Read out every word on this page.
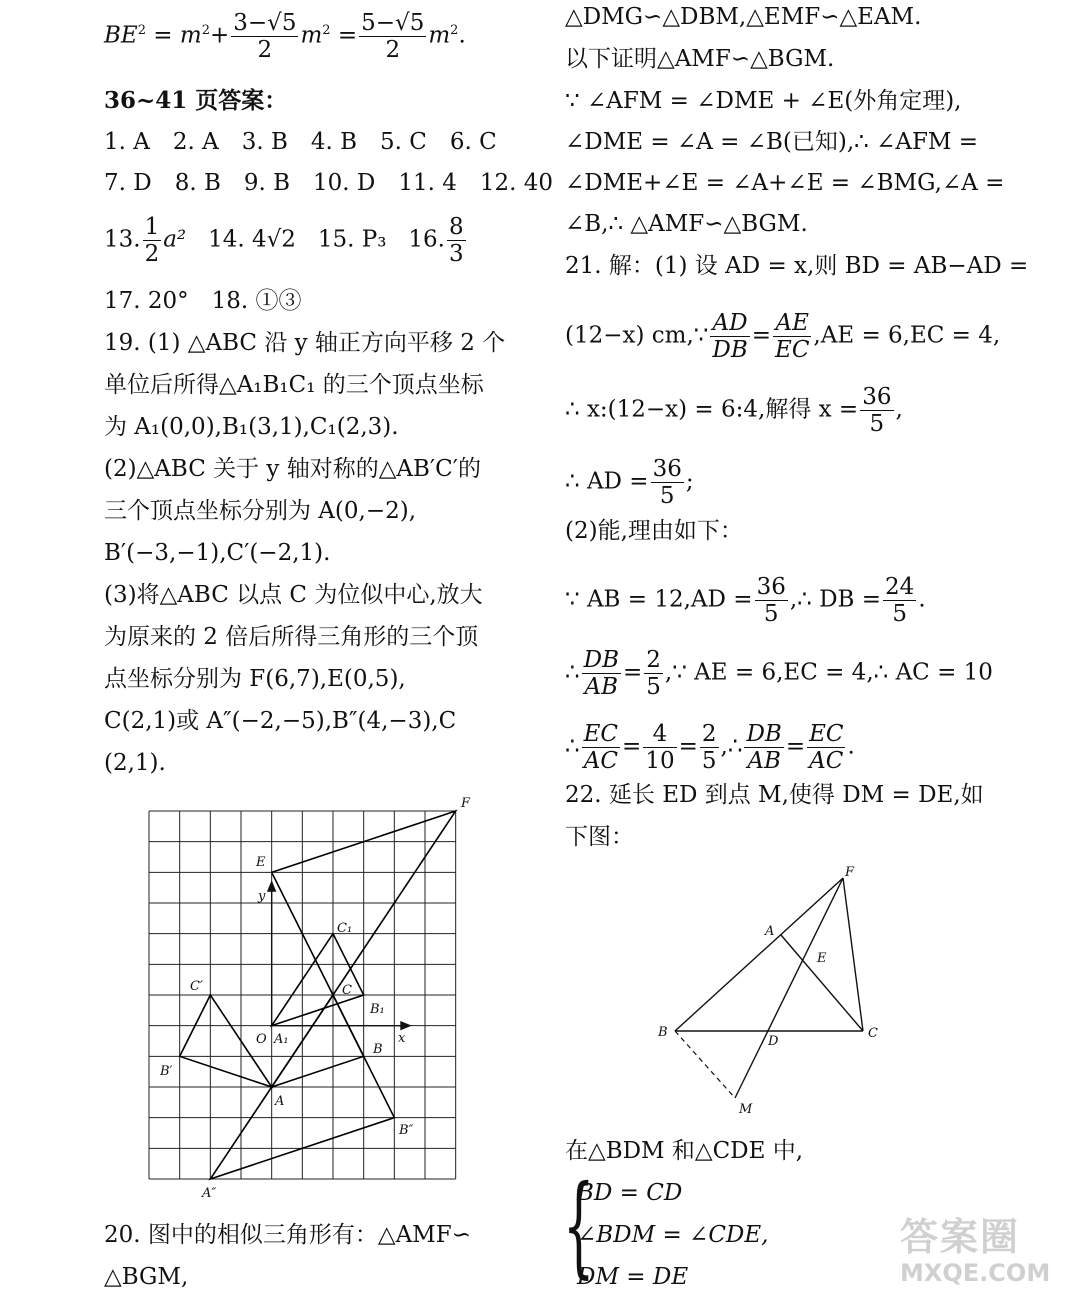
$BE^2 = m^2+ \frac{3-√5}{2} m^2 = \frac{5-√5}{2} m^2$.
36~41 页答案：
1. A　2. A　3. B　4. B　5. C　6. C
7. D　8. B　9. B　10. D　11. 4　12. 40
13. $\frac{1}{2} a^2$ 14. 4√2 15. P₃ 16. $\frac{8}{3}$
17. 20°　18. ①③
19. (1) △ABC 沿 y 轴正方向平移 2 个
单位后所得△A₁B₁C₁ 的三个顶点坐标
为 A₁(0,0),B₁(3,1),C₁(2,3).
(2)△ABC 关于 y 轴对称的△AB′C′的
三个顶点坐标分别为 A(0,−2),
B′(−3,−1),C′(−2,1).
(3)将△ABC 以点 C 为位似中心,放大
为原来的 2 倍后所得三角形的三个顶
点坐标分别为 F(6,7),E(0,5),
C(2,1)或 A″(−2,−5),B″(4,−3),C
(2,1).
20. 图中的相似三角形有：△AMF∽
△BGM,
F
E
y
C₁
C′	C
B₁
O A₁	x
B
B′
A
B″
A″
△DMG∽△DBM,△EMF∽△EAM.
以下证明△AMF∽△BGM.
∵ ∠AFM = ∠DME + ∠E(外角定理),
∠DME = ∠A = ∠B(已知),∴ ∠AFM =
∠DME+∠E = ∠A+∠E = ∠BMG,∠A =
∠B,∴ △AMF∽△BGM.
21. 解：(1) 设 AD = x,则 BD = AB−AD =
(12−x) cm,∵ $\frac{AD}{DB} = \frac{AE}{EC} ,AE = 6,EC = 4$,
∴ x:(12−x) = 6:4,解得 $x = \frac{36}{5}$ ,
∴ AD = $\frac{36}{5}$ ;
(2)能,理由如下：
∵ AB = $12,AD = \frac{36}{5}$ ,∴ DB = $\frac{24}{5}$ .
∴ $\frac{DB}{AB} = \frac{2}{5}$ ,∵ AE = 6,EC = 4,∴ AC = 10
∴ $\frac{EC}{AC} = \frac{4}{10} = \frac{2}{5}$ ,∴ $\frac{DB}{AB} = \frac{EC}{AC}$ .
22. 延长 ED 到点 M,使得 DM = DE,如
下图：
在△BDM 和△CDE 中,
{
BD = CD
∠BDM = ∠CDE,
DM = DE
F
A
E
B
D
C
M
答案圈
MXQE.COM
